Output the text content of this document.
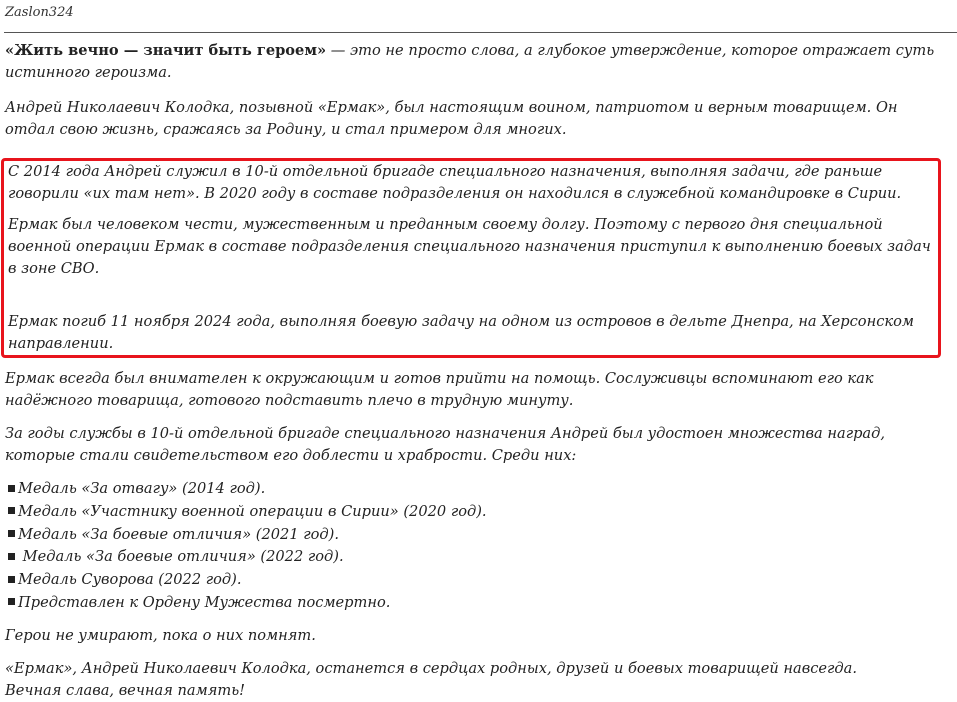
Zaslon324

«Жить вечно — значит быть героем» — это не просто слова, а глубокое утверждение, которое отражает суть истинного героизма.

Андрей Николаевич Колодка, позывной «Ермак», был настоящим воином, патриотом и верным товарищем. Он отдал свою жизнь, сражаясь за Родину, и стал примером для многих.

С 2014 года Андрей служил в 10-й отдельной бригаде специального назначения, выполняя задачи, где раньше говорили «их там нет». В 2020 году в составе подразделения он находился в служебной командировке в Сирии.

Ермак был человеком чести, мужественным и преданным своему долгу. Поэтому с первого дня специальной военной операции Ермак в составе подразделения специального назначения приступил к выполнению боевых задач в зоне СВО.

Ермак погиб 11 ноября 2024 года, выполняя боевую задачу на одном из островов в дельте Днепра, на Херсонском направлении.

Ермак всегда был внимателен к окружающим и готов прийти на помощь. Сослуживцы вспоминают его как надёжного товарища, готового подставить плечо в трудную минуту.

За годы службы в 10-й отдельной бригаде специального назначения Андрей был удостоен множества наград, которые стали свидетельством его доблести и храбрости. Среди них:

Медаль «За отвагу» (2014 год).
Медаль «Участнику военной операции в Сирии» (2020 год).
Медаль «За боевые отличия» (2021 год).
Медаль «За боевые отличия» (2022 год).
Медаль Суворова (2022 год).
Представлен к Ордену Мужества посмертно.

Герои не умирают, пока о них помнят.

«Ермак», Андрей Николаевич Колодка, останется в сердцах родных, друзей и боевых товарищей навсегда.

Вечная слава, вечная память!
